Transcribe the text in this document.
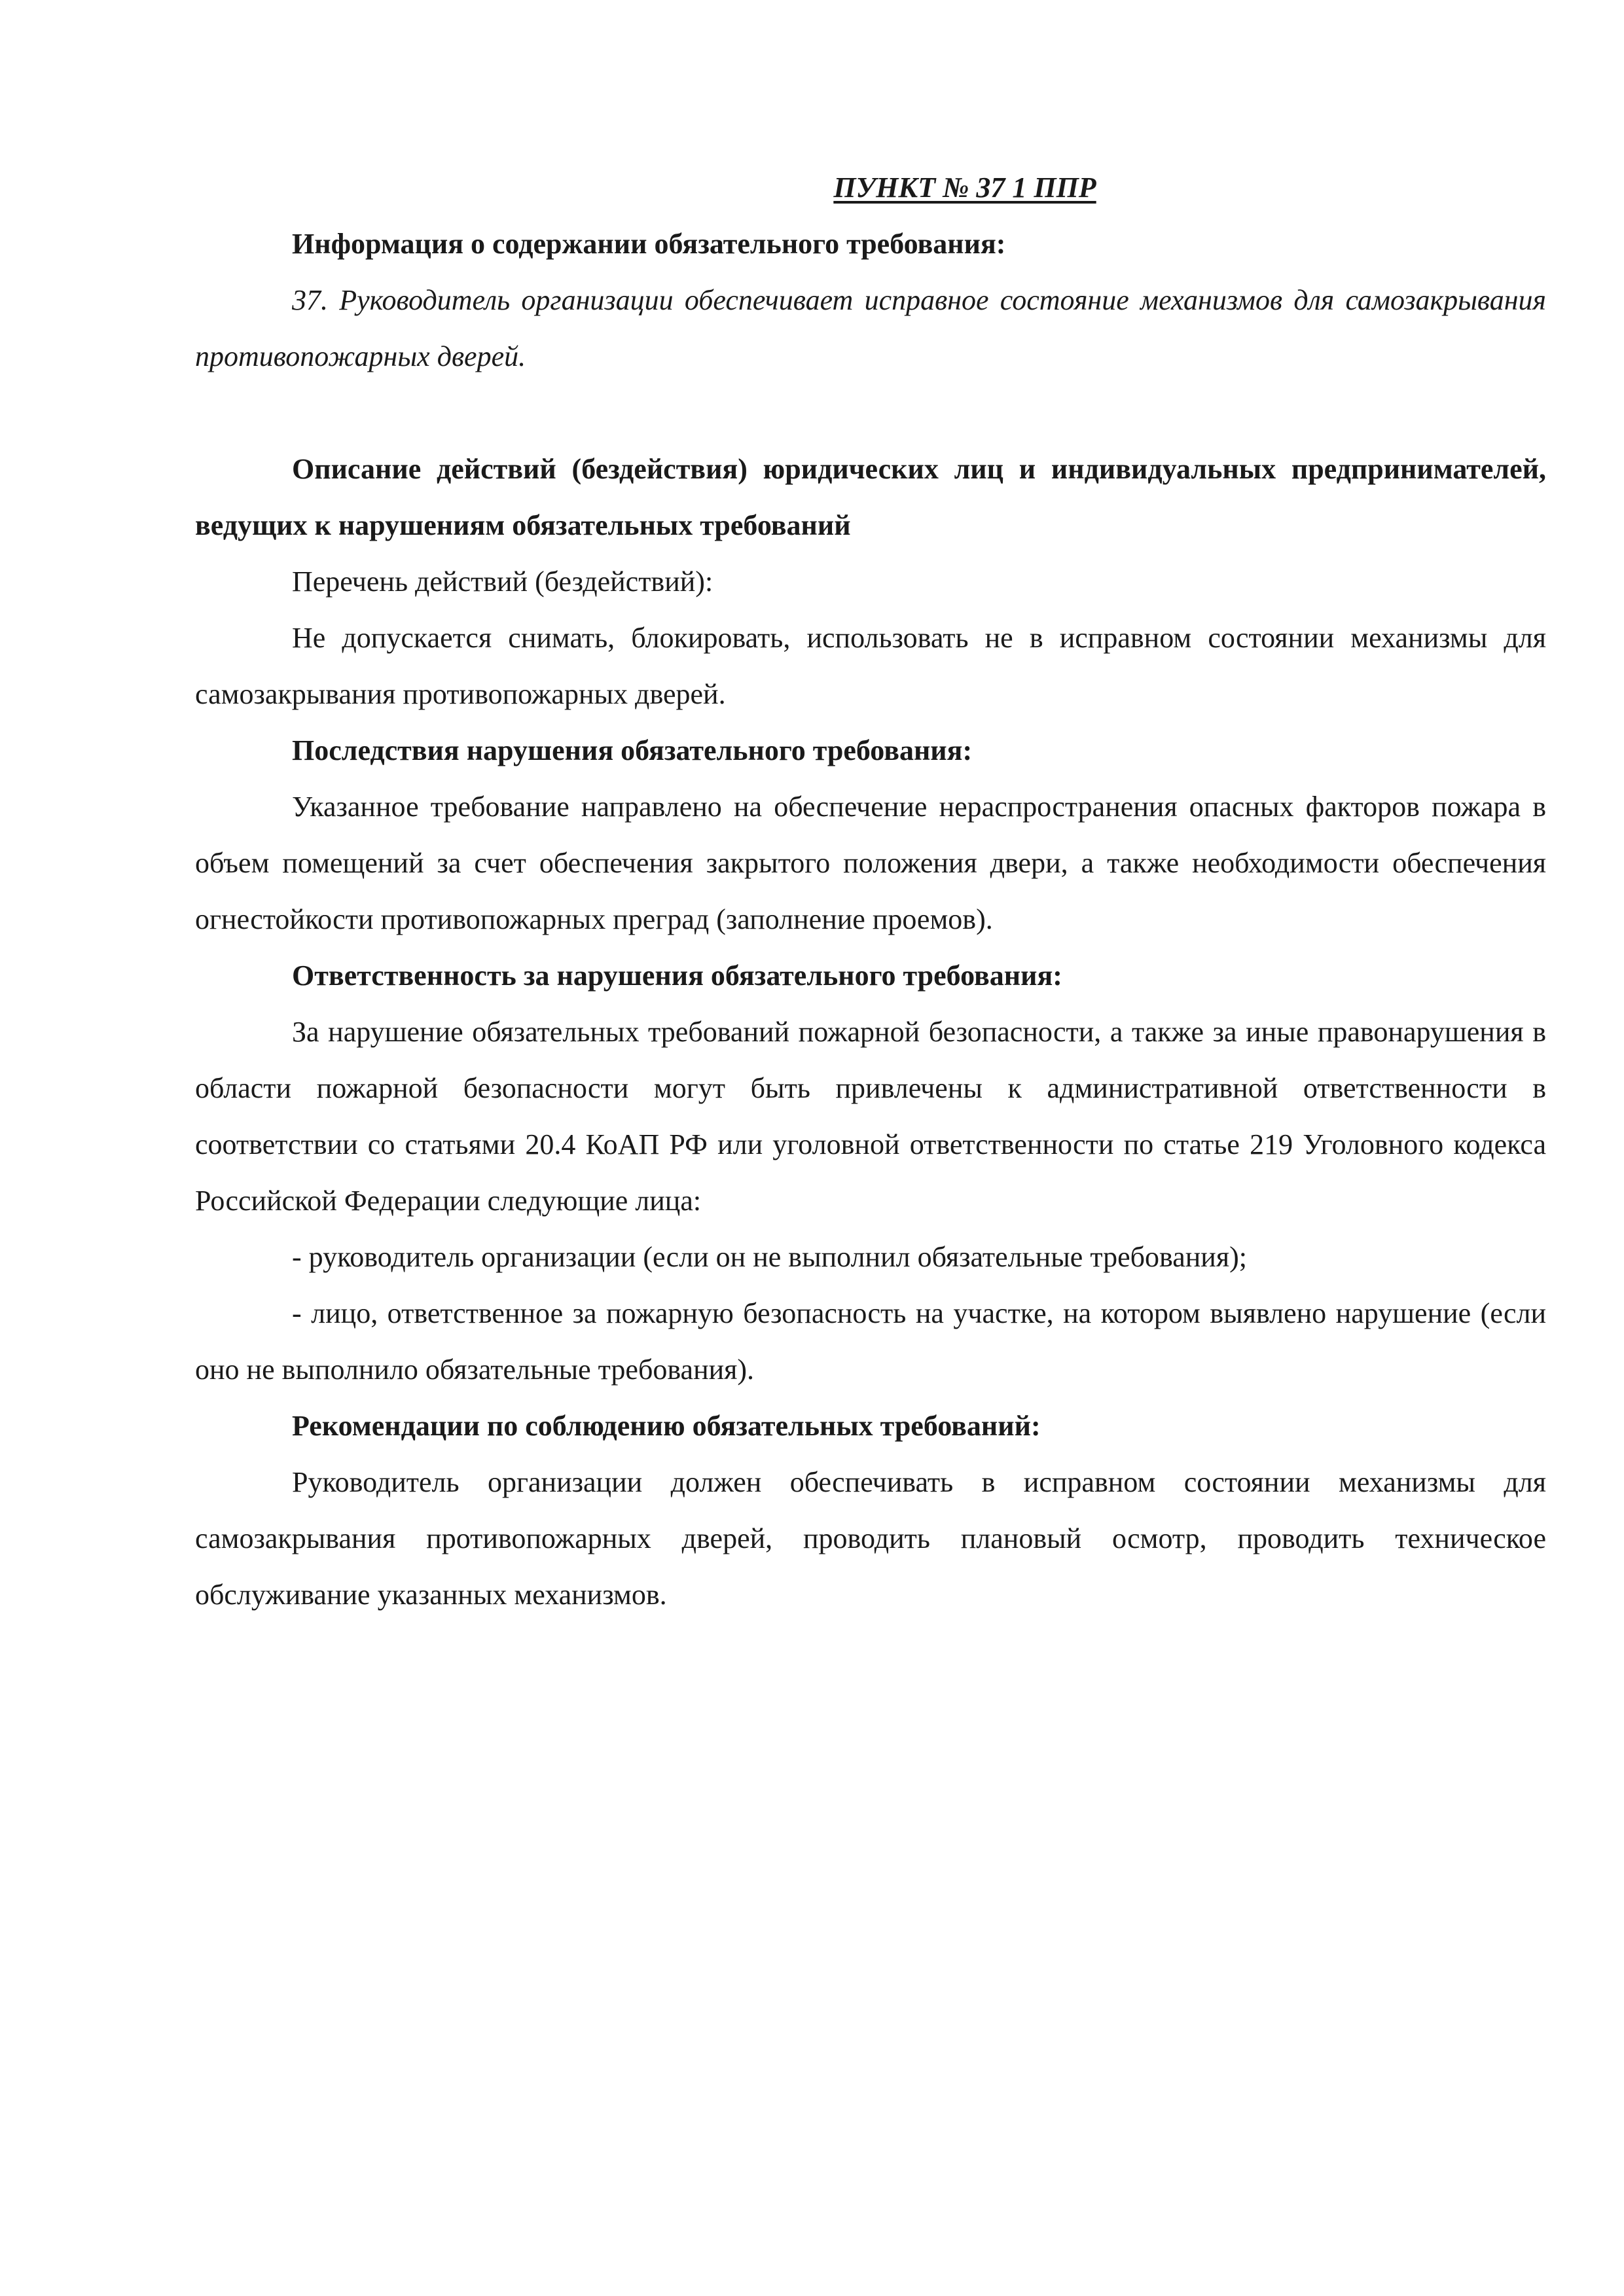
ПУНКТ № 37 1 ППР

Информация о содержании обязательного требования:

37. Руководитель организации обеспечивает исправное состояние механизмов для самозакрывания противопожарных дверей.

Описание действий (бездействия) юридических лиц и индивидуальных предпринимателей, ведущих к нарушениям обязательных требований

Перечень действий (бездействий):

Не допускается снимать, блокировать, использовать не в исправном состоянии механизмы для самозакрывания противопожарных дверей.

Последствия нарушения обязательного требования:

Указанное требование направлено на обеспечение нераспространения опасных факторов пожара в объем помещений за счет обеспечения закрытого положения двери, а также необходимости обеспечения огнестойкости противопожарных преград (заполнение проемов).

Ответственность за нарушения обязательного требования:

За нарушение обязательных требований пожарной безопасности, а также за иные правонарушения в области пожарной безопасности могут быть привлечены к административной ответственности в соответствии со статьями 20.4 КоАП РФ или уголовной ответственности по статье 219 Уголовного кодекса Российской Федерации следующие лица:

- руководитель организации (если он не выполнил обязательные требования);

- лицо, ответственное за пожарную безопасность на участке, на котором выявлено нарушение (если оно не выполнило обязательные требования).

Рекомендации по соблюдению обязательных требований:

Руководитель организации должен обеспечивать в исправном состоянии механизмы для самозакрывания противопожарных дверей, проводить плановый осмотр, проводить техническое обслуживание указанных механизмов.
